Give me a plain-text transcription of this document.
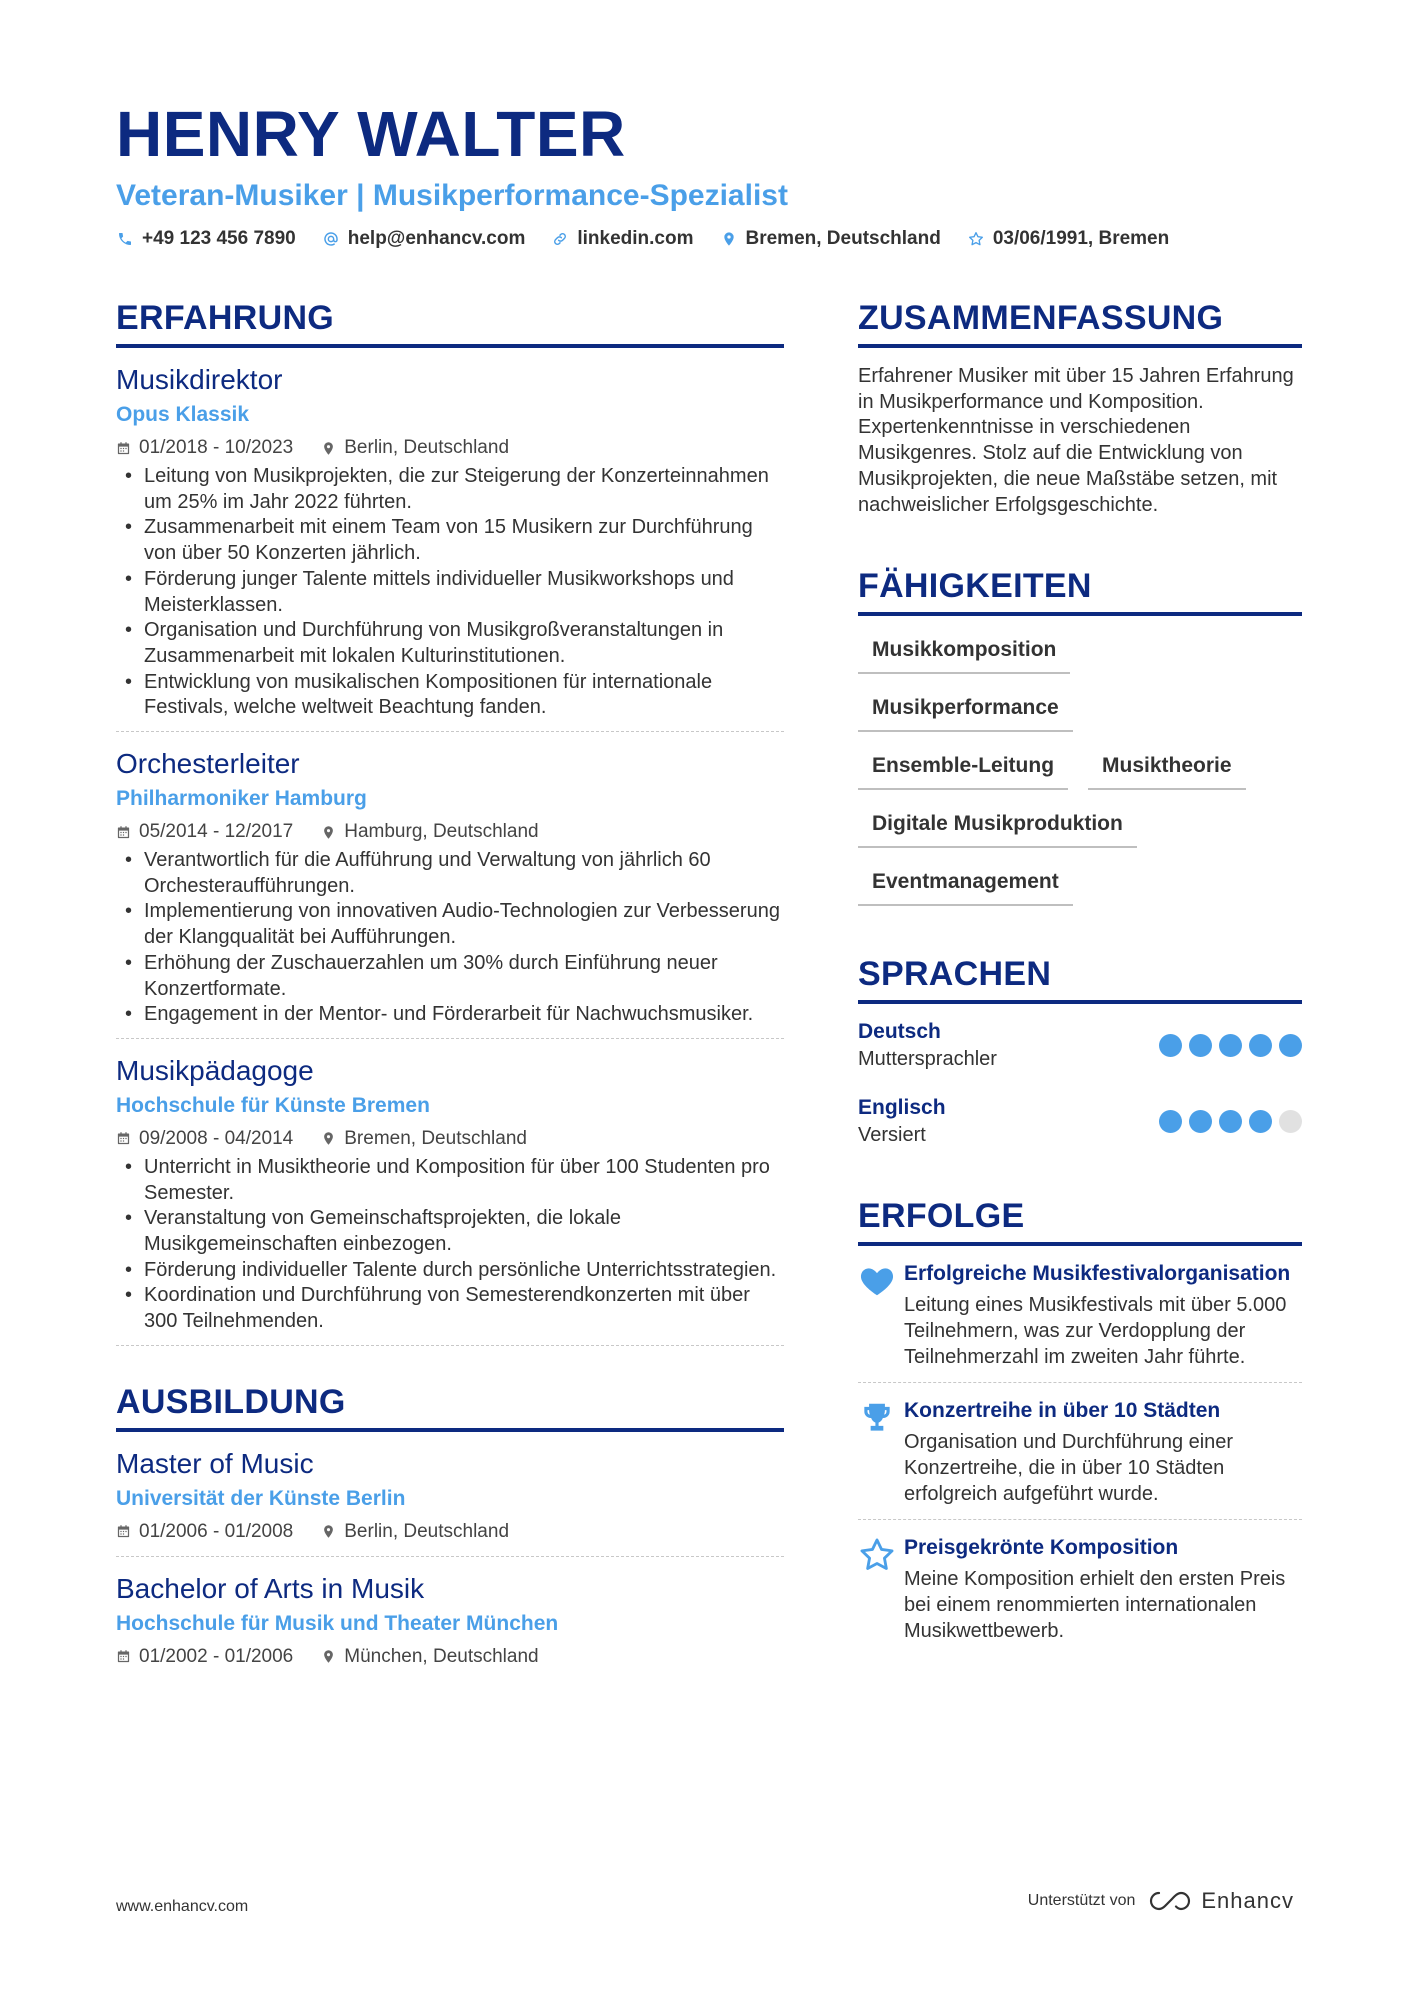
HENRY WALTER
Veteran-Musiker | Musikperformance-Spezialist
+49 123 456 7890	help@enhancv.com	linkedin.com	Bremen, Deutschland	03/06/1991, Bremen
ERFAHRUNG
Musikdirektor
Opus Klassik
01/2018 - 10/2023	Berlin, Deutschland
• Leitung von Musikprojekten, die zur Steigerung der Konzerteinnahmen um 25% im Jahr 2022 führten.
• Zusammenarbeit mit einem Team von 15 Musikern zur Durchführung von über 50 Konzerten jährlich.
• Förderung junger Talente mittels individueller Musikworkshops und Meisterklassen.
• Organisation und Durchführung von Musikgroßveranstaltungen in Zusammenarbeit mit lokalen Kulturinstitutionen.
• Entwicklung von musikalischen Kompositionen für internationale Festivals, welche weltweit Beachtung fanden.
Orchesterleiter
Philharmoniker Hamburg
05/2014 - 12/2017	Hamburg, Deutschland
• Verantwortlich für die Aufführung und Verwaltung von jährlich 60 Orchesteraufführungen.
• Implementierung von innovativen Audio-Technologien zur Verbesserung der Klangqualität bei Aufführungen.
• Erhöhung der Zuschauerzahlen um 30% durch Einführung neuer Konzertformate.
• Engagement in der Mentor- und Förderarbeit für Nachwuchsmusiker.
Musikpädagoge
Hochschule für Künste Bremen
09/2008 - 04/2014	Bremen, Deutschland
• Unterricht in Musiktheorie und Komposition für über 100 Studenten pro Semester.
• Veranstaltung von Gemeinschaftsprojekten, die lokale Musikgemeinschaften einbezogen.
• Förderung individueller Talente durch persönliche Unterrichtsstrategien.
• Koordination und Durchführung von Semesterendkonzerten mit über 300 Teilnehmenden.
AUSBILDUNG
Master of Music
Universität der Künste Berlin
01/2006 - 01/2008	Berlin, Deutschland
Bachelor of Arts in Musik
Hochschule für Musik und Theater München
01/2002 - 01/2006	München, Deutschland
ZUSAMMENFASSUNG
Erfahrener Musiker mit über 15 Jahren Erfahrung in Musikperformance und Komposition. Expertenkenntnisse in verschiedenen Musikgenres. Stolz auf die Entwicklung von Musikprojekten, die neue Maßstäbe setzen, mit nachweislicher Erfolgsgeschichte.
FÄHIGKEITEN
Musikkomposition
Musikperformance
Ensemble-Leitung	Musiktheorie
Digitale Musikproduktion
Eventmanagement
SPRACHEN
Deutsch
Muttersprachler
Englisch
Versiert
ERFOLGE
Erfolgreiche Musikfestivalorganisation
Leitung eines Musikfestivals mit über 5.000 Teilnehmern, was zur Verdopplung der Teilnehmerzahl im zweiten Jahr führte.
Konzertreihe in über 10 Städten
Organisation und Durchführung einer Konzertreihe, die in über 10 Städten erfolgreich aufgeführt wurde.
Preisgekrönte Komposition
Meine Komposition erhielt den ersten Preis bei einem renommierten internationalen Musikwettbewerb.
www.enhancv.com	Unterstützt von	Enhancv
